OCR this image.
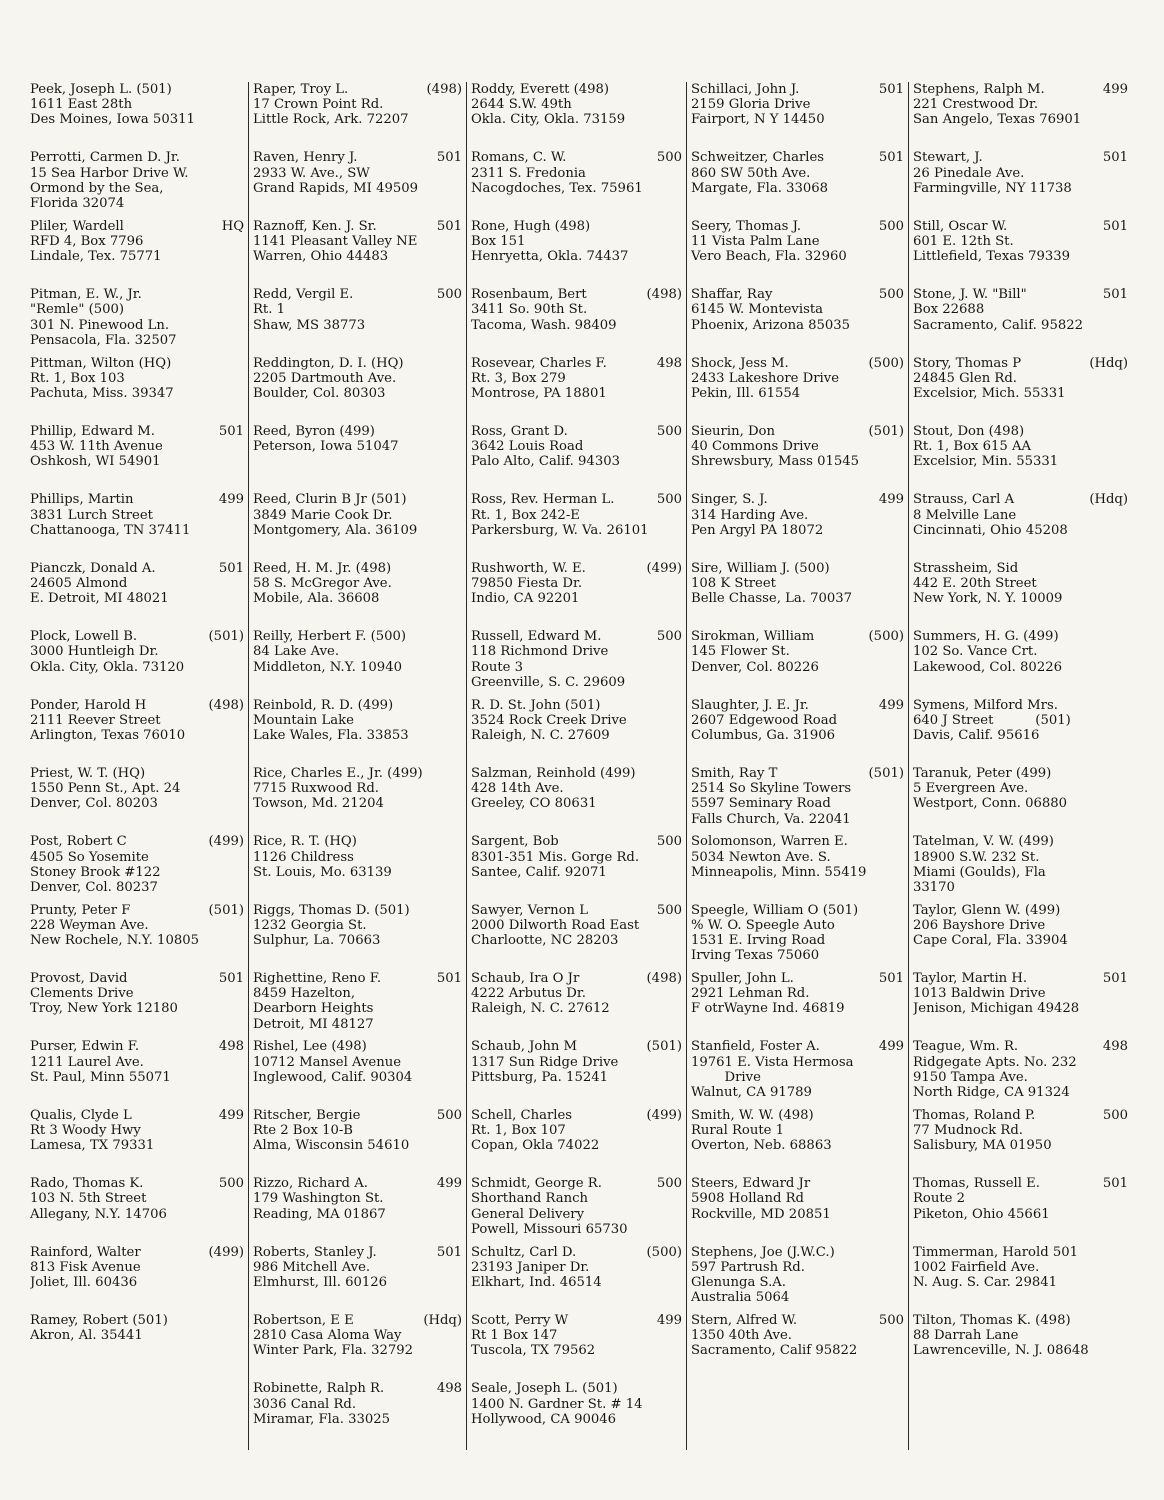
Peek, Joseph L. (501)
1611 East 28th
Des Moines, Iowa 50311
Perrotti, Carmen D. Jr.
15 Sea Harbor Drive W.
Ormond by the Sea,
Florida 32074
Pliler, Wardell	HQ
RFD 4, Box 7796
Lindale, Tex. 75771
Pitman, E. W., Jr.
"Remle" (500)
301 N. Pinewood Ln.
Pensacola, Fla. 32507
Pittman, Wilton (HQ)
Rt. 1, Box 103
Pachuta, Miss. 39347
Phillip, Edward M.	501
453 W. 11th Avenue
Oshkosh, WI 54901
Phillips, Martin	499
3831 Lurch Street
Chattanooga, TN 37411
Pianczk, Donald A.	501
24605 Almond
E. Detroit, MI 48021
Plock, Lowell B.	(501)
3000 Huntleigh Dr.
Okla. City, Okla. 73120
Ponder, Harold H	(498)
2111 Reever Street
Arlington, Texas 76010
Priest, W. T. (HQ)
1550 Penn St., Apt. 24
Denver, Col. 80203
Post, Robert C	(499)
4505 So Yosemite
Stoney Brook #122
Denver, Col. 80237
Prunty, Peter F	(501)
228 Weyman Ave.
New Rochele, N.Y. 10805
Provost, David	501
Clements Drive
Troy, New York 12180
Purser, Edwin F.	498
1211 Laurel Ave.
St. Paul, Minn 55071
Qualis, Clyde L	499
Rt 3 Woody Hwy
Lamesa, TX 79331
Rado, Thomas K.	500
103 N. 5th Street
Allegany, N.Y. 14706
Rainford, Walter	(499)
813 Fisk Avenue
Joliet, Ill. 60436
Ramey, Robert (501)
Akron, Al. 35441
Raper, Troy L.	(498)
17 Crown Point Rd.
Little Rock, Ark. 72207
Raven, Henry J.	501
2933 W. Ave., SW
Grand Rapids, MI 49509
Raznoff, Ken. J. Sr.	501
1141 Pleasant Valley NE
Warren, Ohio 44483
Redd, Vergil E.	500
Rt. 1
Shaw, MS 38773
Reddington, D. I. (HQ)
2205 Dartmouth Ave.
Boulder, Col. 80303
Reed, Byron (499)
Peterson, Iowa 51047
Reed, Clurin B Jr (501)
3849 Marie Cook Dr.
Montgomery, Ala. 36109
Reed, H. M. Jr. (498)
58 S. McGregor Ave.
Mobile, Ala. 36608
Reilly, Herbert F. (500)
84 Lake Ave.
Middleton, N.Y. 10940
Reinbold, R. D. (499)
Mountain Lake
Lake Wales, Fla. 33853
Rice, Charles E., Jr. (499)
7715 Ruxwood Rd.
Towson, Md. 21204
Rice, R. T. (HQ)
1126 Childress
St. Louis, Mo. 63139
Riggs, Thomas D. (501)
1232 Georgia St.
Sulphur, La. 70663
Righettine, Reno F.	501
8459 Hazelton,
Dearborn Heights
Detroit, MI 48127
Rishel, Lee (498)
10712 Mansel Avenue
Inglewood, Calif. 90304
Ritscher, Bergie	500
Rte 2 Box 10-B
Alma, Wisconsin 54610
Rizzo, Richard A.	499
179 Washington St.
Reading, MA 01867
Roberts, Stanley J.	501
986 Mitchell Ave.
Elmhurst, Ill. 60126
Robertson, E E	(Hdq)
2810 Casa Aloma Way
Winter Park, Fla. 32792
Robinette, Ralph R.	498
3036 Canal Rd.
Miramar, Fla. 33025
Roddy, Everett (498)
2644 S.W. 49th
Okla. City, Okla. 73159
Romans, C. W.	500
2311 S. Fredonia
Nacogdoches, Tex. 75961
Rone, Hugh (498)
Box 151
Henryetta, Okla. 74437
Rosenbaum, Bert	(498)
3411 So. 90th St.
Tacoma, Wash. 98409
Rosevear, Charles F.	498
Rt. 3, Box 279
Montrose, PA 18801
Ross, Grant D.	500
3642 Louis Road
Palo Alto, Calif. 94303
Ross, Rev. Herman L.	500
Rt. 1, Box 242-E
Parkersburg, W. Va. 26101
Rushworth, W. E.	(499)
79850 Fiesta Dr.
Indio, CA 92201
Russell, Edward M.	500
118 Richmond Drive
Route 3
Greenville, S. C. 29609
R. D. St. John (501)
3524 Rock Creek Drive
Raleigh, N. C. 27609
Salzman, Reinhold (499)
428 14th Ave.
Greeley, CO 80631
Sargent, Bob	500
8301-351 Mis. Gorge Rd.
Santee, Calif. 92071
Sawyer, Vernon L	500
2000 Dilworth Road East
Charlootte, NC 28203
Schaub, Ira O Jr	(498)
4222 Arbutus Dr.
Raleigh, N. C. 27612
Schaub, John M	(501)
1317 Sun Ridge Drive
Pittsburg, Pa. 15241
Schell, Charles	(499)
Rt. 1, Box 107
Copan, Okla 74022
Schmidt, George R.	500
Shorthand Ranch
General Delivery
Powell, Missouri 65730
Schultz, Carl D.	(500)
23193 Janiper Dr.
Elkhart, Ind. 46514
Scott, Perry W	499
Rt 1 Box 147
Tuscola, TX 79562
Seale, Joseph L. (501)
1400 N. Gardner St. # 14
Hollywood, CA 90046
Schillaci, John J.	501
2159 Gloria Drive
Fairport, N Y 14450
Schweitzer, Charles	501
860 SW 50th Ave.
Margate, Fla. 33068
Seery, Thomas J.	500
11 Vista Palm Lane
Vero Beach, Fla. 32960
Shaffar, Ray	500
6145 W. Montevista
Phoenix, Arizona 85035
Shock, Jess M.	(500)
2433 Lakeshore Drive
Pekin, Ill. 61554
Sieurin, Don	(501)
40 Commons Drive
Shrewsbury, Mass 01545
Singer, S. J.	499
314 Harding Ave.
Pen Argyl PA 18072
Sire, William J. (500)
108 K Street
Belle Chasse, La. 70037
Sirokman, William	(500)
145 Flower St.
Denver, Col. 80226
Slaughter, J. E. Jr.	499
2607 Edgewood Road
Columbus, Ga. 31906
Smith, Ray T	(501)
2514 So Skyline Towers
5597 Seminary Road
Falls Church, Va. 22041
Solomonson, Warren E.
5034 Newton Ave. S.
Minneapolis, Minn. 55419
Speegle, William O (501)
% W. O. Speegle Auto
1531 E. Irving Road
Irving Texas 75060
Spuller, John L.	501
2921 Lehman Rd.
F otrWayne Ind. 46819
Stanfield, Foster A.	499
19761 E. Vista Hermosa
Drive
Walnut, CA 91789
Smith, W. W. (498)
Rural Route 1
Overton, Neb. 68863
Steers, Edward Jr
5908 Holland Rd
Rockville, MD 20851
Stephens, Joe (J.W.C.)
597 Partrush Rd.
Glenunga S.A.
Australia 5064
Stern, Alfred W.	500
1350 40th Ave.
Sacramento, Calif 95822
Stephens, Ralph M.	499
221 Crestwood Dr.
San Angelo, Texas 76901
Stewart, J.	501
26 Pinedale Ave.
Farmingville, NY 11738
Still, Oscar W.	501
601 E. 12th St.
Littlefield, Texas 79339
Stone, J. W. "Bill"	501
Box 22688
Sacramento, Calif. 95822
Story, Thomas P	(Hdq)
24845 Glen Rd.
Excelsior, Mich. 55331
Stout, Don (498)
Rt. 1, Box 615 AA
Excelsior, Min. 55331
Strauss, Carl A	(Hdq)
8 Melville Lane
Cincinnati, Ohio 45208
Strassheim, Sid
442 E. 20th Street
New York, N. Y. 10009
Summers, H. G. (499)
102 So. Vance Crt.
Lakewood, Col. 80226
Symens, Milford Mrs.
640 J Street          (501)
Davis, Calif. 95616
Taranuk, Peter (499)
5 Evergreen Ave.
Westport, Conn. 06880
Tatelman, V. W. (499)
18900 S.W. 232 St.
Miami (Goulds), Fla
33170
Taylor, Glenn W. (499)
206 Bayshore Drive
Cape Coral, Fla. 33904
Taylor, Martin H.	501
1013 Baldwin Drive
Jenison, Michigan 49428
Teague, Wm. R.	498
Ridgegate Apts. No. 232
9150 Tampa Ave.
North Ridge, CA 91324
Thomas, Roland P.	500
77 Mudnock Rd.
Salisbury, MA 01950
Thomas, Russell E.	501
Route 2
Piketon, Ohio 45661
Timmerman, Harold 501
1002 Fairfield Ave.
N. Aug. S. Car. 29841
Tilton, Thomas K. (498)
88 Darrah Lane
Lawrenceville, N. J. 08648
